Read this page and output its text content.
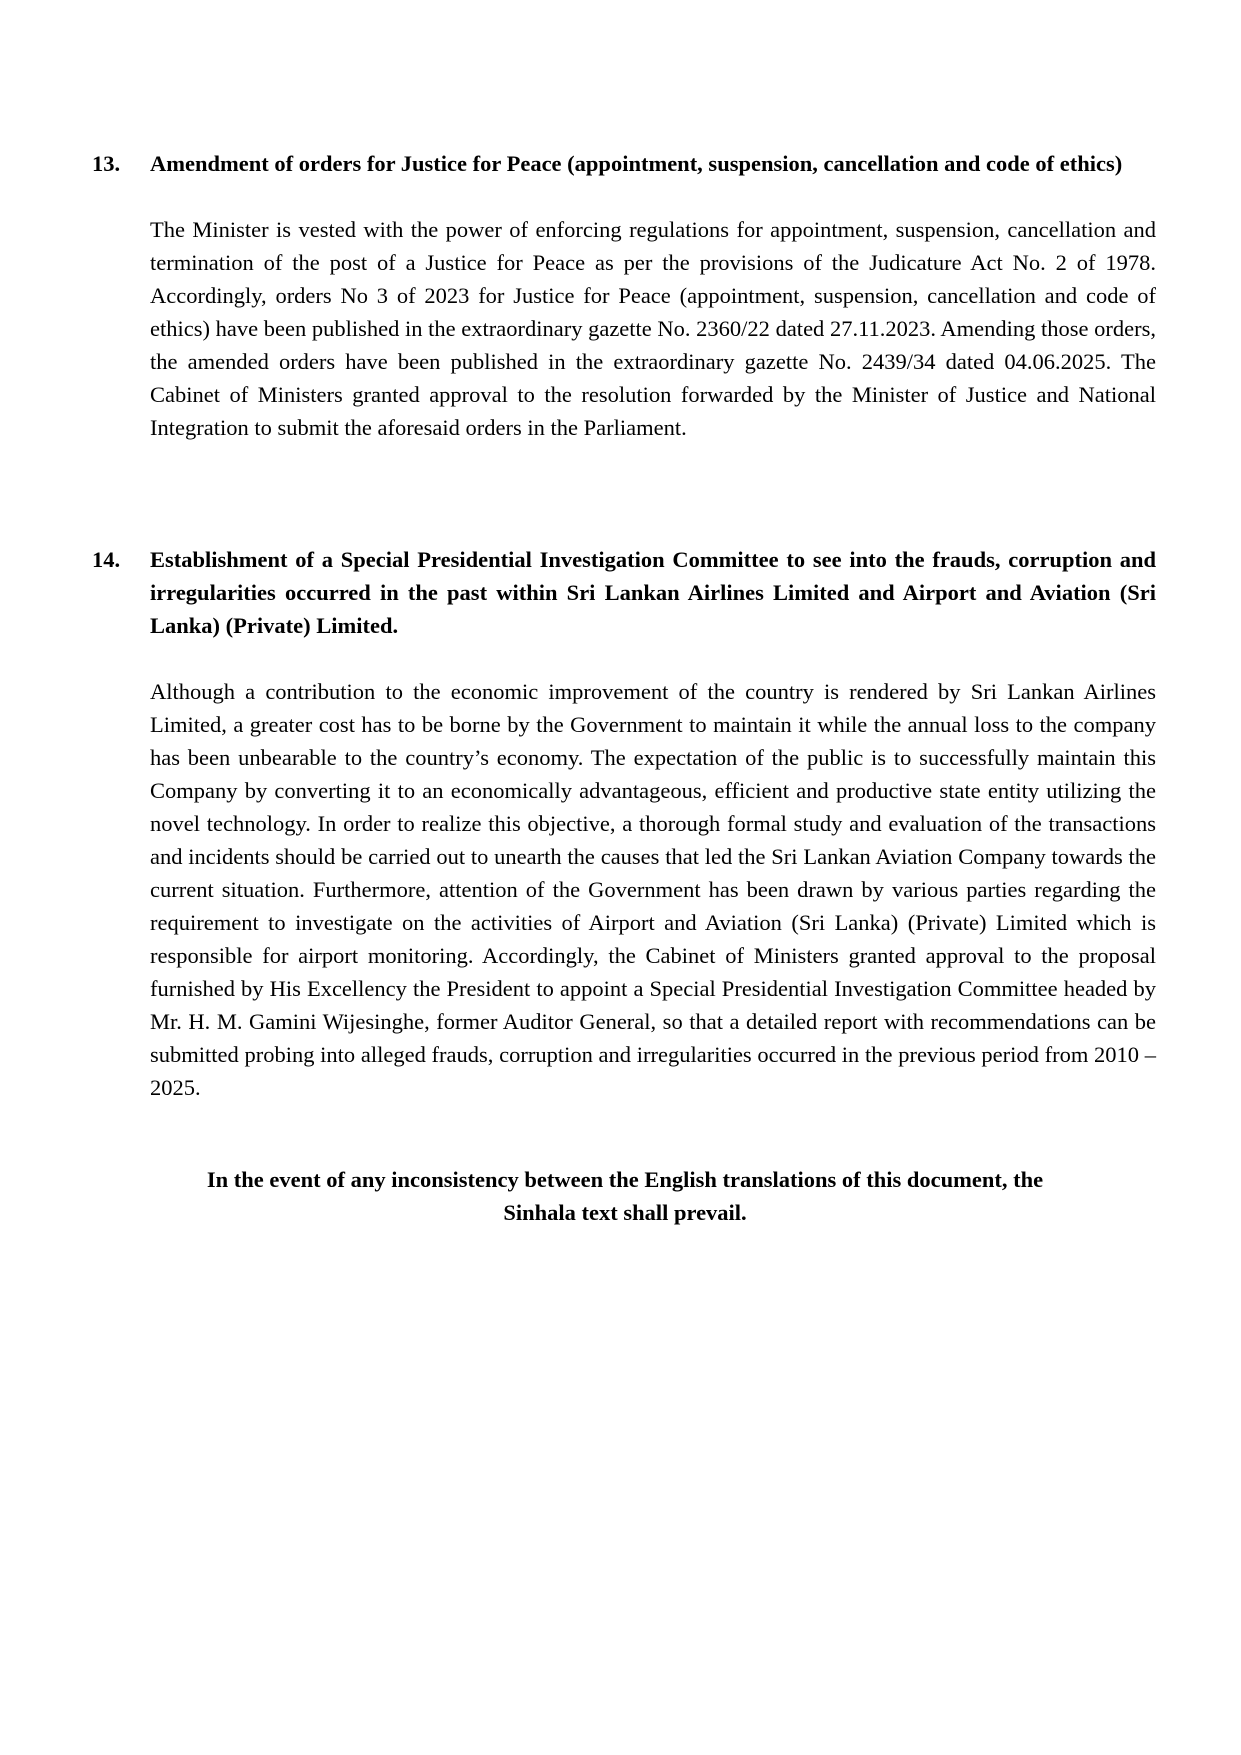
13. Amendment of orders for Justice for Peace (appointment, suspension, cancellation and code of ethics)

The Minister is vested with the power of enforcing regulations for appointment, suspension, cancellation and termination of the post of a Justice for Peace as per the provisions of the Judicature Act No. 2 of 1978. Accordingly, orders No 3 of 2023 for Justice for Peace (appointment, suspension, cancellation and code of ethics) have been published in the extraordinary gazette No. 2360/22 dated 27.11.2023. Amending those orders, the amended orders have been published in the extraordinary gazette No. 2439/34 dated 04.06.2025. The Cabinet of Ministers granted approval to the resolution forwarded by the Minister of Justice and National Integration to submit the aforesaid orders in the Parliament.

14. Establishment of a Special Presidential Investigation Committee to see into the frauds, corruption and irregularities occurred in the past within Sri Lankan Airlines Limited and Airport and Aviation (Sri Lanka) (Private) Limited.

Although a contribution to the economic improvement of the country is rendered by Sri Lankan Airlines Limited, a greater cost has to be borne by the Government to maintain it while the annual loss to the company has been unbearable to the country’s economy. The expectation of the public is to successfully maintain this Company by converting it to an economically advantageous, efficient and productive state entity utilizing the novel technology. In order to realize this objective, a thorough formal study and evaluation of the transactions and incidents should be carried out to unearth the causes that led the Sri Lankan Aviation Company towards the current situation. Furthermore, attention of the Government has been drawn by various parties regarding the requirement to investigate on the activities of Airport and Aviation (Sri Lanka) (Private) Limited which is responsible for airport monitoring. Accordingly, the Cabinet of Ministers granted approval to the proposal furnished by His Excellency the President to appoint a Special Presidential Investigation Committee headed by Mr. H. M. Gamini Wijesinghe, former Auditor General, so that a detailed report with recommendations can be submitted probing into alleged frauds, corruption and irregularities occurred in the previous period from 2010 – 2025.

In the event of any inconsistency between the English translations of this document, the Sinhala text shall prevail.
